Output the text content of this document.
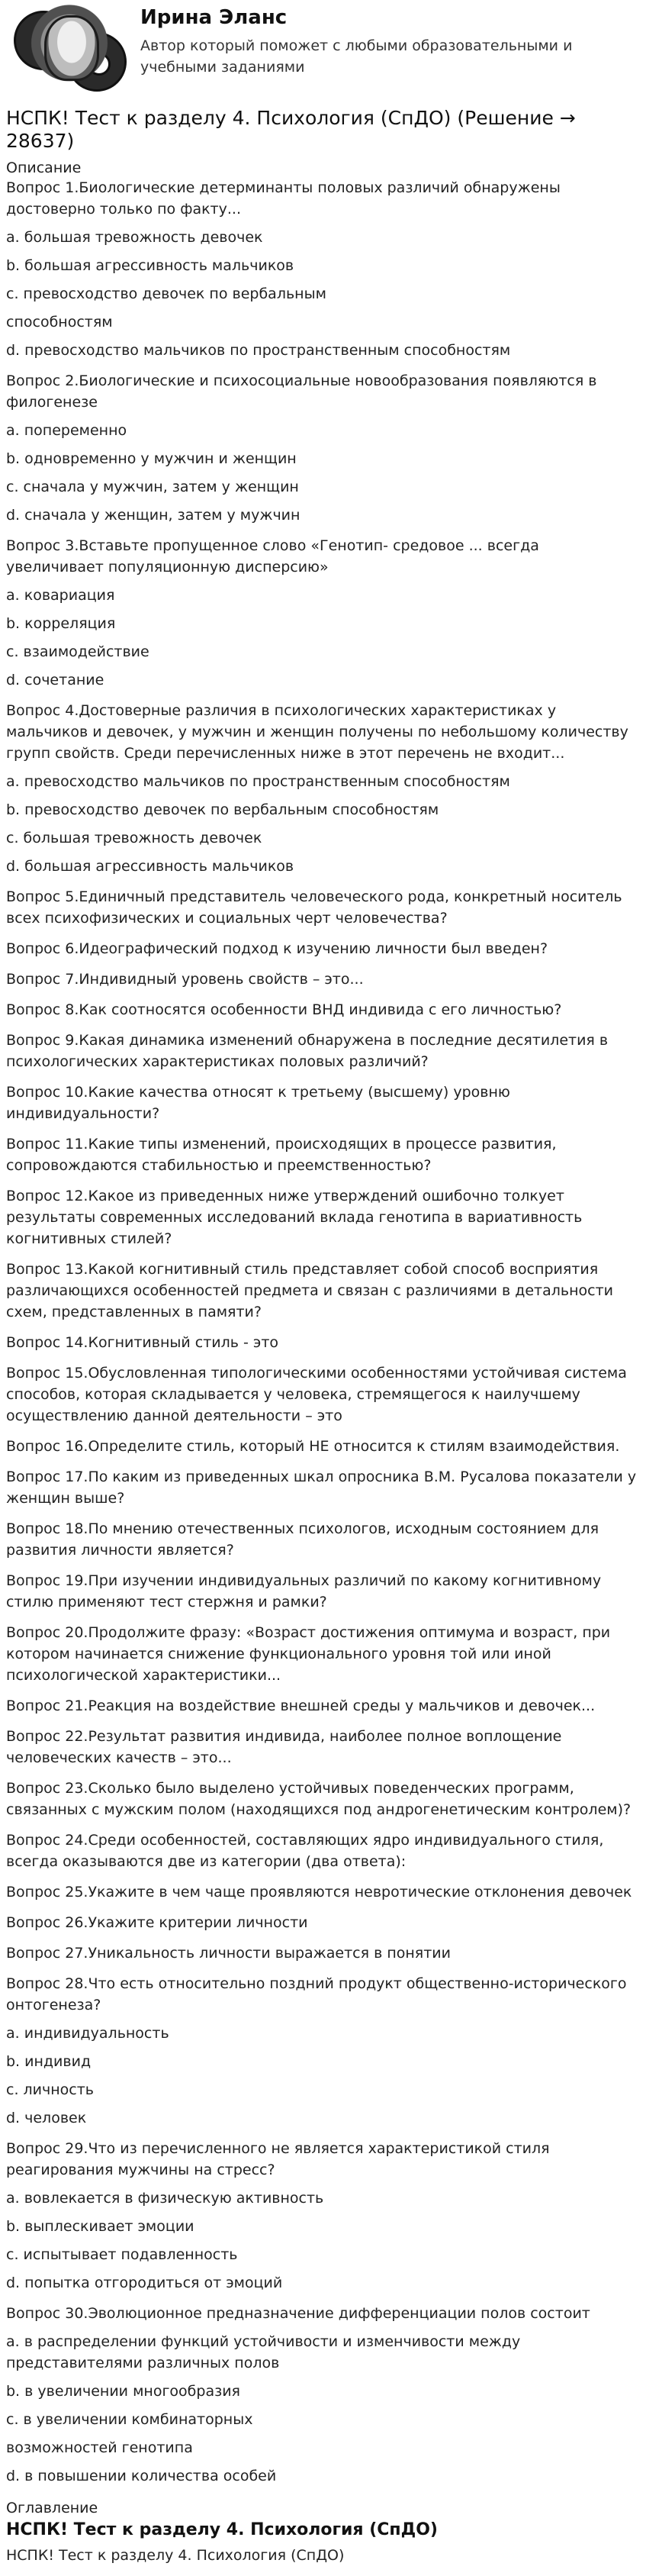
Ирина Эланс
Автор который поможет с любыми образовательными и учебными заданиями
НСПК! Тест к разделу 4. Психология (СпДО) (Решение → 28637)
Описание
Вопрос 1.Биологические детерминанты половых различий обнаружены достоверно только по факту...
a. большая тревожность девочек
b. большая агрессивность мальчиков
c. превосходство девочек по вербальным
способностям
d. превосходство мальчиков по пространственным способностям
Вопрос 2.Биологические и психосоциальные новообразования появляются в филогенезе
a. попеременно
b. одновременно у мужчин и женщин
c. сначала у мужчин, затем у женщин
d. сначала у женщин, затем у мужчин
Вопрос 3.Вставьте пропущенное слово «Генотип- средовое ... всегда увеличивает популяционную дисперсию»
a. ковариация
b. корреляция
c. взаимодействие
d. сочетание
Вопрос 4.Достоверные различия в психологических характеристиках у мальчиков и девочек, у мужчин и женщин получены по небольшому количеству групп свойств. Среди перечисленных ниже в этот перечень не входит...
a. превосходство мальчиков по пространственным способностям
b. превосходство девочек по вербальным способностям
c. большая тревожность девочек
d. большая агрессивность мальчиков
Вопрос 5.Единичный представитель человеческого рода, конкретный носитель всех психофизических и социальных черт человечества?
Вопрос 6.Идеографический подход к изучению личности был введен?
Вопрос 7.Индивидный уровень свойств – это...
Вопрос 8.Как соотносятся особенности ВНД индивида с его личностью?
Вопрос 9.Какая динамика изменений обнаружена в последние десятилетия в психологических характеристиках половых различий?
Вопрос 10.Какие качества относят к третьему (высшему) уровню индивидуальности?
Вопрос 11.Какие типы изменений, происходящих в процессе развития, сопровождаются стабильностью и преемственностью?
Вопрос 12.Какое из приведенных ниже утверждений ошибочно толкует результаты современных исследований вклада генотипа в вариативность когнитивных стилей?
Вопрос 13.Какой когнитивный стиль представляет собой способ восприятия различающихся особенностей предмета и связан с различиями в детальности схем, представленных в памяти?
Вопрос 14.Когнитивный стиль - это
Вопрос 15.Обусловленная типологическими особенностями устойчивая система способов, которая складывается у человека, стремящегося к наилучшему осуществлению данной деятельности – это
Вопрос 16.Определите стиль, который НЕ относится к стилям взаимодействия.
Вопрос 17.По каким из приведенных шкал опросника В.М. Русалова показатели у женщин выше?
Вопрос 18.По мнению отечественных психологов, исходным состоянием для развития личности является?
Вопрос 19.При изучении индивидуальных различий по какому когнитивному стилю применяют тест стержня и рамки?
Вопрос 20.Продолжите фразу: «Возраст достижения оптимума и возраст, при котором начинается снижение функционального уровня той или иной психологической характеристики...
Вопрос 21.Реакция на воздействие внешней среды у мальчиков и девочек...
Вопрос 22.Результат развития индивида, наиболее полное воплощение человеческих качеств – это...
Вопрос 23.Сколько было выделено устойчивых поведенческих программ, связанных с мужским полом (находящихся под андрогенетическим контролем)?
Вопрос 24.Среди особенностей, составляющих ядро индивидуального стиля, всегда оказываются две из категории (два ответа):
Вопрос 25.Укажите в чем чаще проявляются невротические отклонения девочек
Вопрос 26.Укажите критерии личности
Вопрос 27.Уникальность личности выражается в понятии
Вопрос 28.Что есть относительно поздний продукт общественно-исторического онтогенеза?
a. индивидуальность
b. индивид
c. личность
d. человек
Вопрос 29.Что из перечисленного не является характеристикой стиля реагирования мужчины на стресс?
a. вовлекается в физическую активность
b. выплескивает эмоции
c. испытывает подавленность
d. попытка отгородиться от эмоций
Вопрос 30.Эволюционное предназначение дифференциации полов состоит
a. в распределении функций устойчивости и изменчивости между представителями различных полов
b. в увеличении многообразия
c. в увеличении комбинаторных
возможностей генотипа
d. в повышении количества особей
Оглавление
НСПК! Тест к разделу 4. Психология (СпДО)
НСПК! Тест к разделу 4. Психология (СпДО)
